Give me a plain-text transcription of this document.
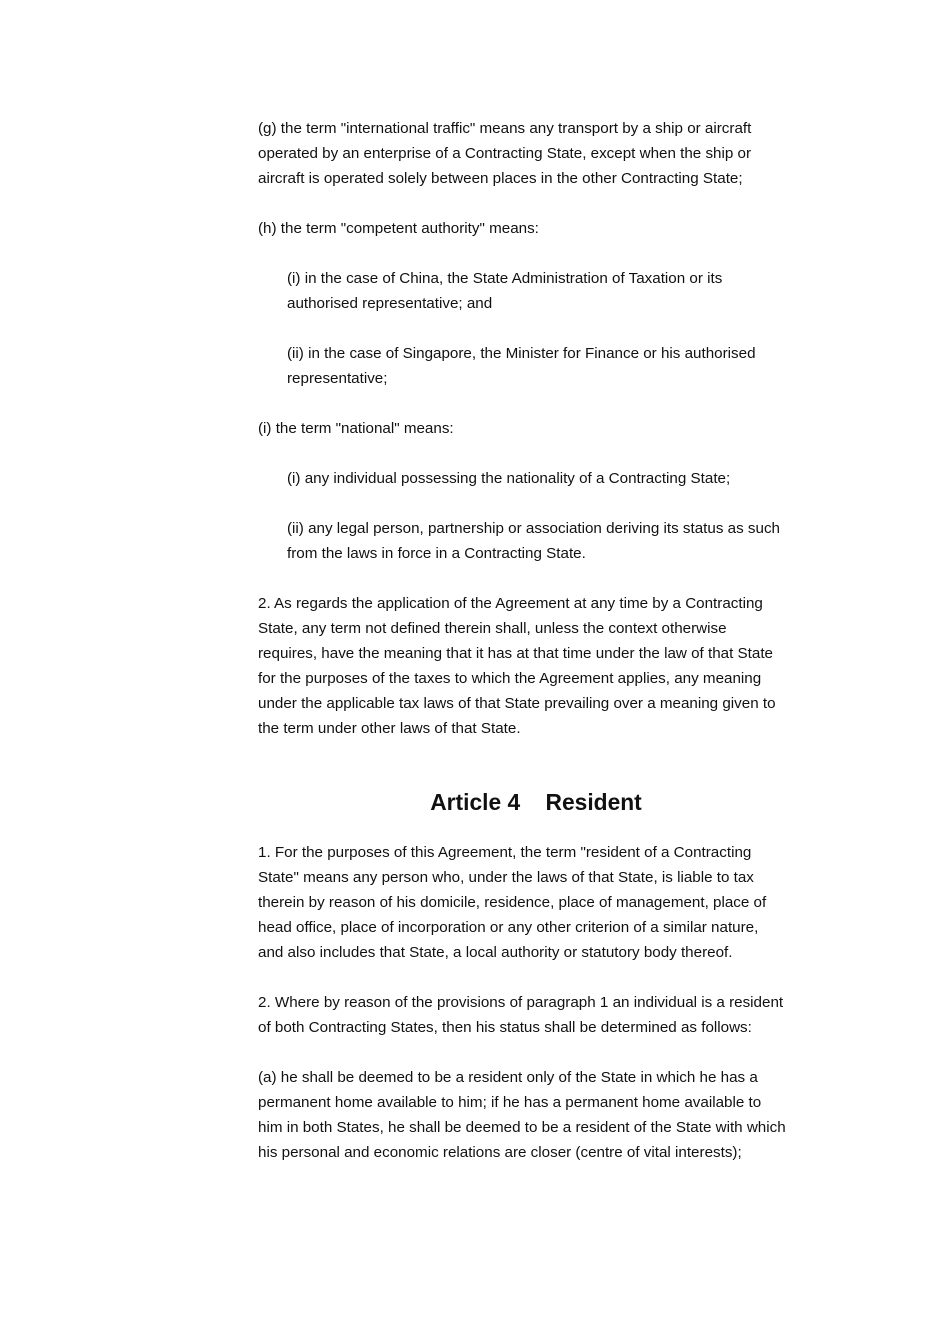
(g) the term "international traffic" means any transport by a ship or aircraft
operated by an enterprise of a Contracting State, except when the ship or
aircraft is operated solely between places in the other Contracting State;

(h) the term "competent authority" means:

(i) in the case of China, the State Administration of Taxation or its
authorised representative; and

(ii) in the case of Singapore, the Minister for Finance or his authorised
representative;

(i) the term "national" means:

(i) any individual possessing the nationality of a Contracting State;

(ii) any legal person, partnership or association deriving its status as such
from the laws in force in a Contracting State.

2. As regards the application of the Agreement at any time by a Contracting
State, any term not defined therein shall, unless the context otherwise
requires, have the meaning that it has at that time under the law of that State
for the purposes of the taxes to which the Agreement applies, any meaning
under the applicable tax laws of that State prevailing over a meaning given to
the term under other laws of that State.

Article 4    Resident

1. For the purposes of this Agreement, the term "resident of a Contracting
State" means any person who, under the laws of that State, is liable to tax
therein by reason of his domicile, residence, place of management, place of
head office, place of incorporation or any other criterion of a similar nature,
and also includes that State, a local authority or statutory body thereof.

2. Where by reason of the provisions of paragraph 1 an individual is a resident
of both Contracting States, then his status shall be determined as follows:

(a) he shall be deemed to be a resident only of the State in which he has a
permanent home available to him; if he has a permanent home available to
him in both States, he shall be deemed to be a resident of the State with which
his personal and economic relations are closer (centre of vital interests);
